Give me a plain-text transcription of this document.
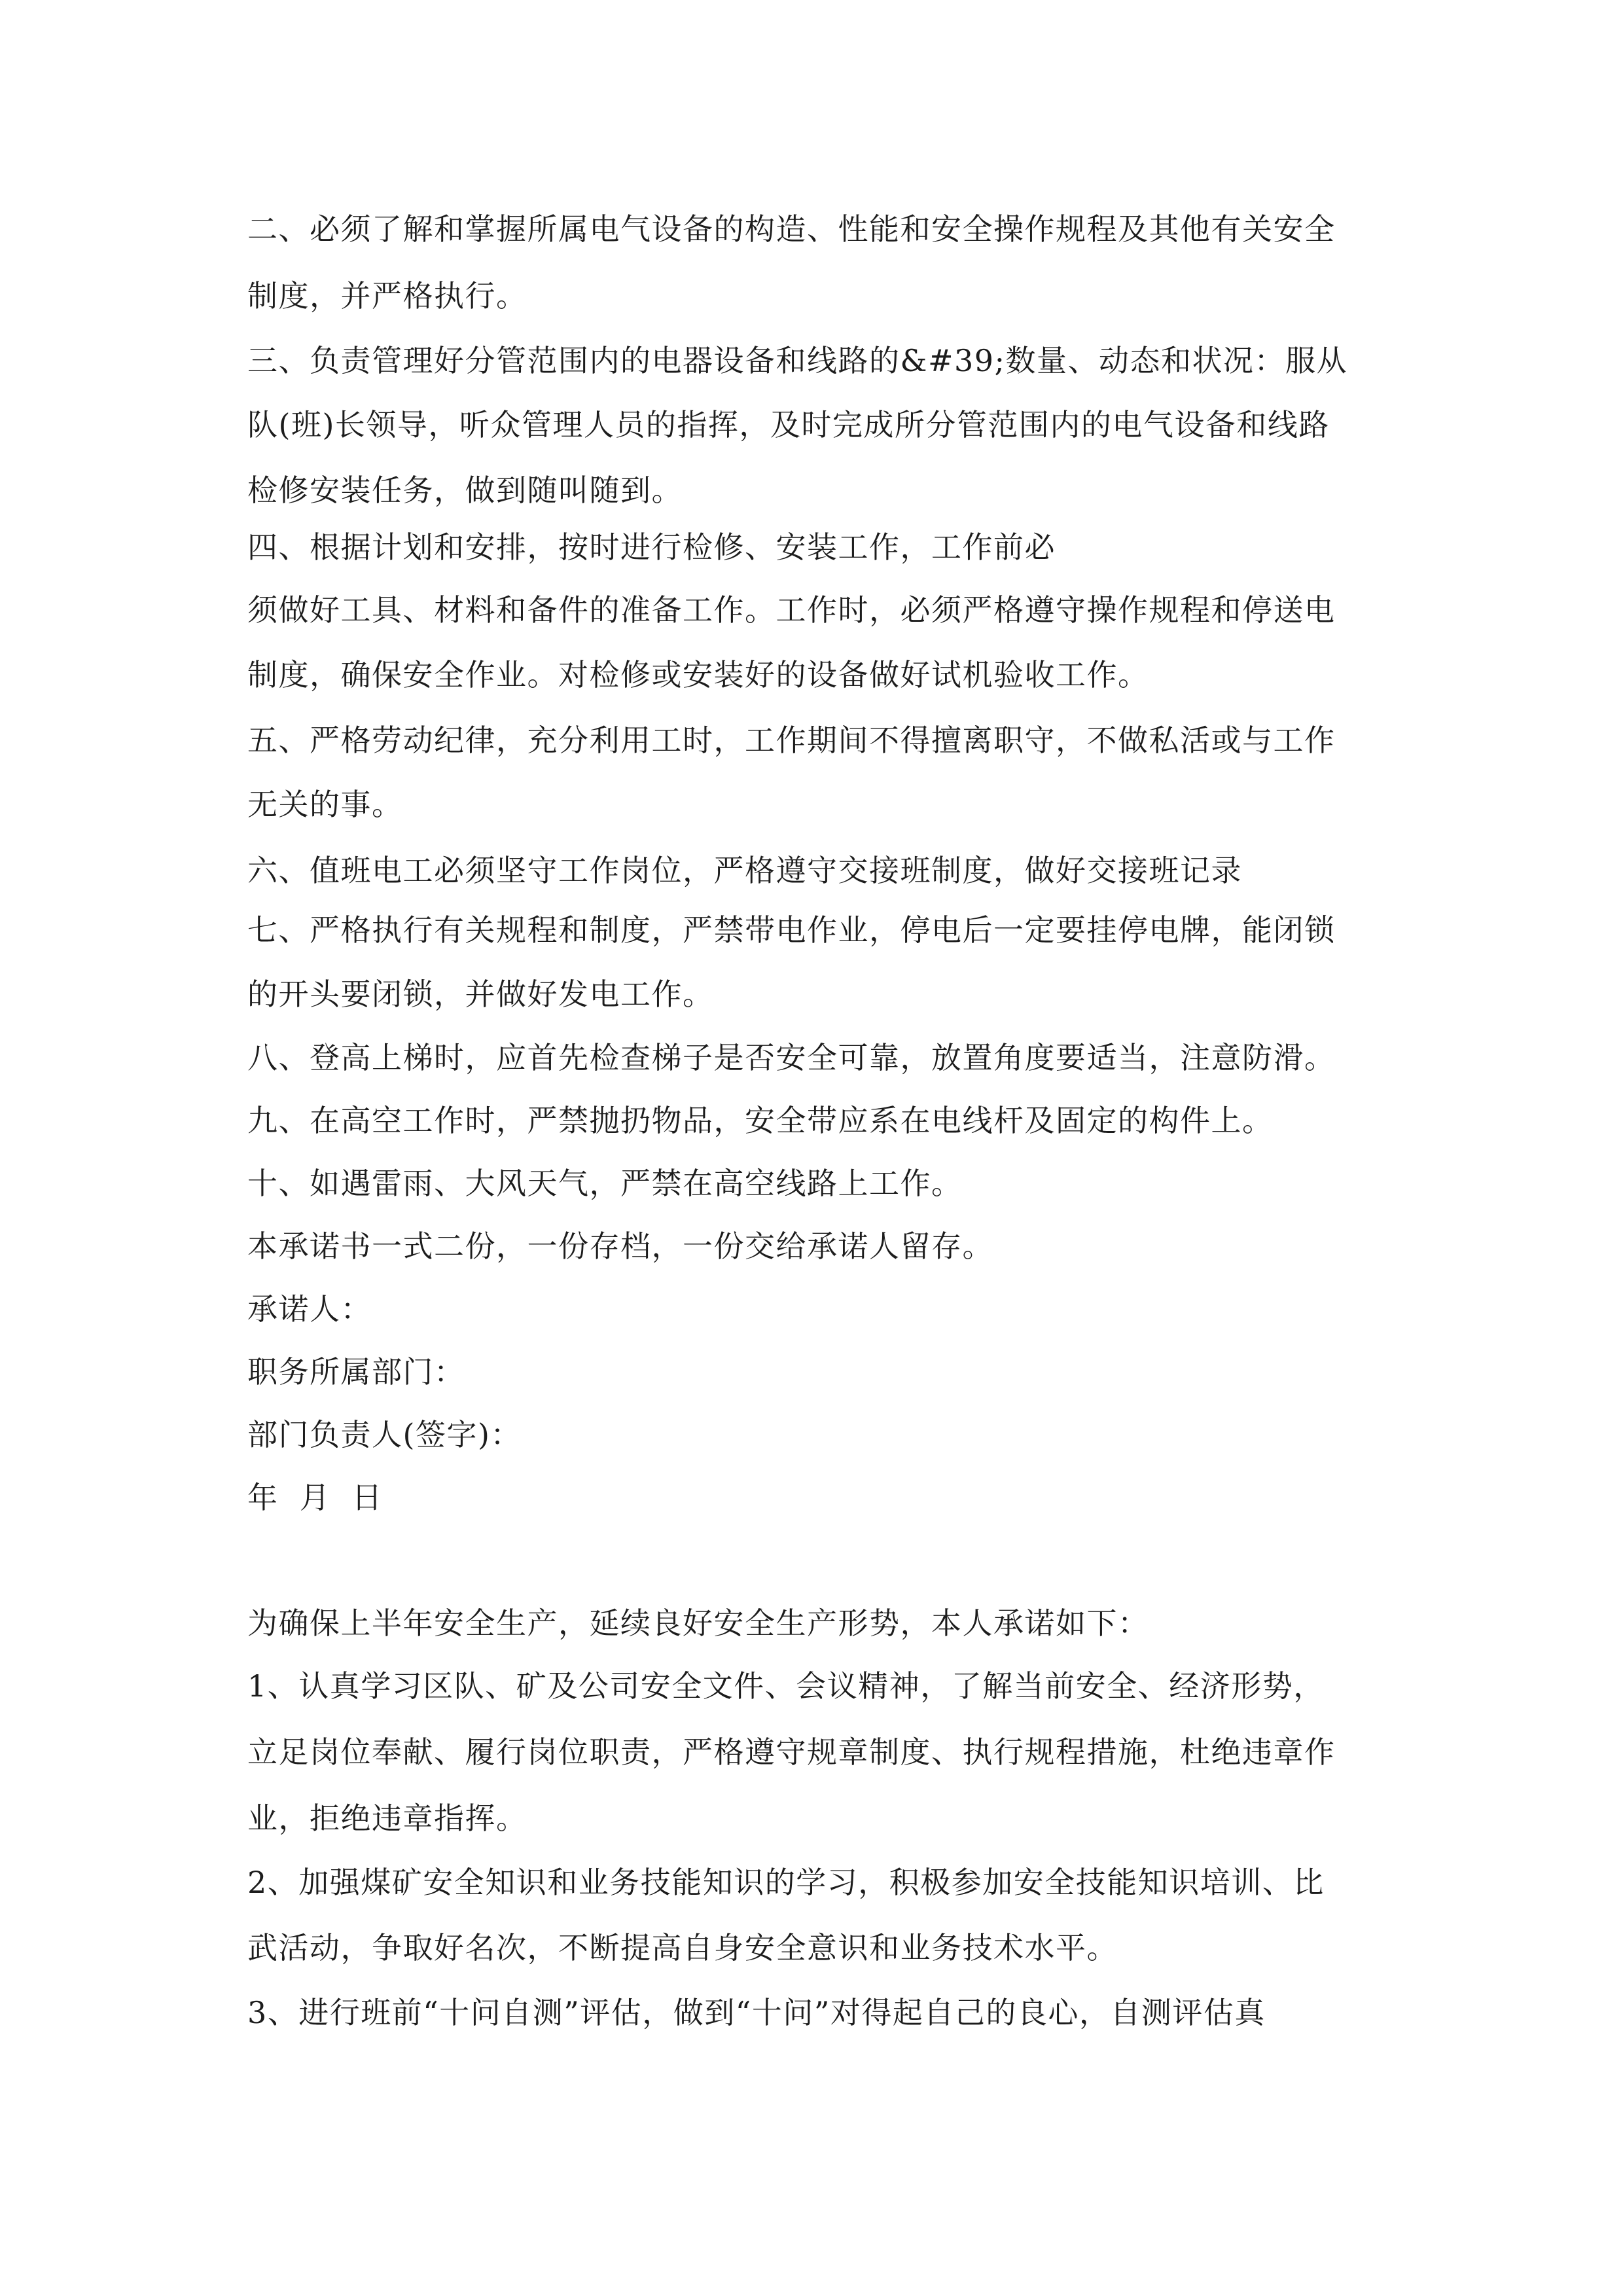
二、必须了解和掌握所属电气设备的构造、性能和安全操作规程及其他有关安全
制度，并严格执行。
三、负责管理好分管范围内的电器设备和线路的&#39;数量、动态和状况：服从
队(班)长领导，听众管理人员的指挥，及时完成所分管范围内的电气设备和线路
检修安装任务，做到随叫随到。
四、根据计划和安排，按时进行检修、安装工作，工作前必
须做好工具、材料和备件的准备工作。工作时，必须严格遵守操作规程和停送电
制度，确保安全作业。对检修或安装好的设备做好试机验收工作。
五、严格劳动纪律，充分利用工时，工作期间不得擅离职守，不做私活或与工作
无关的事。
六、值班电工必须坚守工作岗位，严格遵守交接班制度，做好交接班记录
七、严格执行有关规程和制度，严禁带电作业，停电后一定要挂停电牌，能闭锁
的开头要闭锁，并做好发电工作。
八、登高上梯时，应首先检查梯子是否安全可靠，放置角度要适当，注意防滑。
九、在高空工作时，严禁抛扔物品，安全带应系在电线杆及固定的构件上。
十、如遇雷雨、大风天气，严禁在高空线路上工作。
本承诺书一式二份，一份存档，一份交给承诺人留存。
承诺人：
职务所属部门：
部门负责人(签字)：
年  月  日
为确保上半年安全生产，延续良好安全生产形势，本人承诺如下：
1、认真学习区队、矿及公司安全文件、会议精神，了解当前安全、经济形势，
立足岗位奉献、履行岗位职责，严格遵守规章制度、执行规程措施，杜绝违章作
业，拒绝违章指挥。
2、加强煤矿安全知识和业务技能知识的学习，积极参加安全技能知识培训、比
武活动，争取好名次，不断提高自身安全意识和业务技术水平。
3、进行班前“十问自测”评估，做到“十问”对得起自己的良心，自测评估真
